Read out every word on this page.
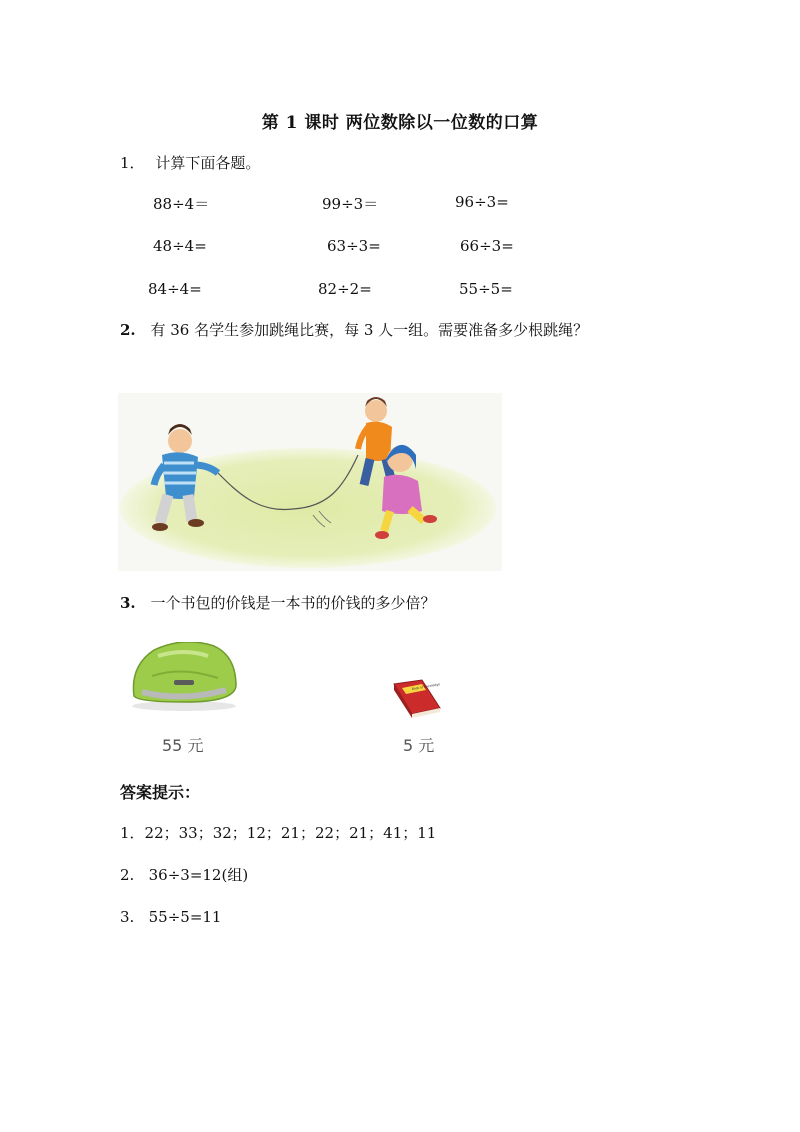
第 1 课时 两位数除以一位数的口算
1． 计算下面各题。
88÷4＝	99÷3＝	96÷3=
48÷4=	63÷3=	66÷3=
84÷4=	82÷2=	55÷5=
2. 有 36 名学生参加跳绳比赛，每 3 人一组。需要准备多少根跳绳？
3. 一个书包的价钱是一本书的价钱的多少倍？
55 元
Book of knowledge
5 元
答案提示：
1．22；33；32；12；21；22；21；41；11
2.   36÷3=12(组)
3.   55÷5=11
